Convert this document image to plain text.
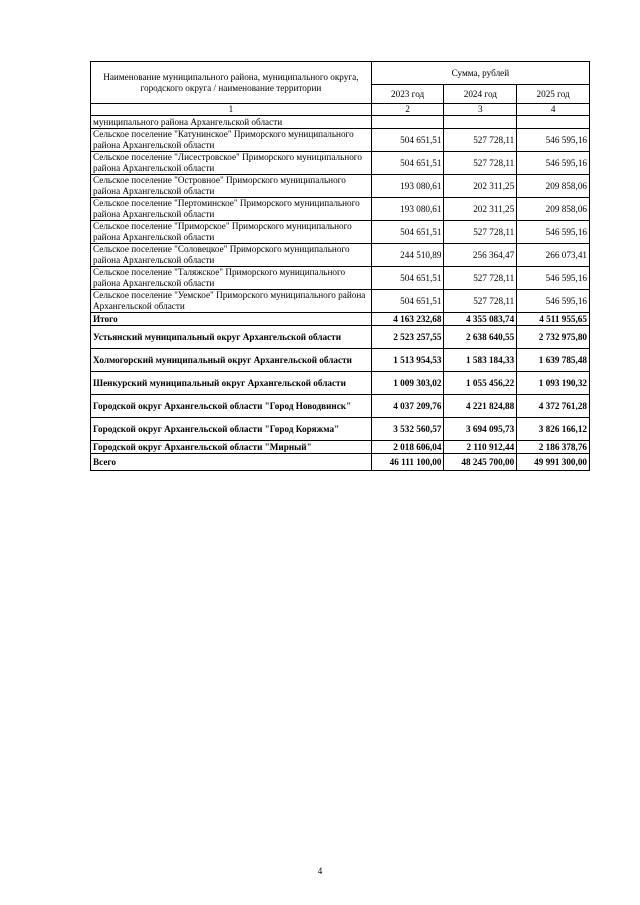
Наименование муниципального района, муниципального округа, городского округа / наименование территории	Сумма, рублей		
	2023 год	2024 год	2025 год
1	2	3	4
муниципального района Архангельской области			
Сельское поселение "Катунинское" Приморского муниципального района Архангельской области	504 651,51	527 728,11	546 595,16
Сельское поселение "Лисестровское" Приморского муниципального района Архангельской области	504 651,51	527 728,11	546 595,16
Сельское поселение "Островное" Приморского муниципального района Архангельской области	193 080,61	202 311,25	209 858,06
Сельское поселение "Пертоминское" Приморского муниципального района Архангельской области	193 080,61	202 311,25	209 858,06
Сельское поселение "Приморское" Приморского муниципального района Архангельской области	504 651,51	527 728,11	546 595,16
Сельское поселение "Соловецкое" Приморского муниципального района Архангельской области	244 510,89	256 364,47	266 073,41
Сельское поселение "Таляжское" Приморского муниципального района Архангельской области	504 651,51	527 728,11	546 595,16
Сельское поселение "Уемское" Приморского муниципального района Архангельской области	504 651,51	527 728,11	546 595,16
Итого	4 163 232,68	4 355 083,74	4 511 955,65
Устьянский муниципальный округ Архангельской области	2 523 257,55	2 638 640,55	2 732 975,80
Холмогорский муниципальный округ Архангельской области	1 513 954,53	1 583 184,33	1 639 785,48
Шенкурский муниципальный округ Архангельской области	1 009 303,02	1 055 456,22	1 093 190,32
Городской округ Архангельской области "Город Новодвинск"	4 037 209,76	4 221 824,88	4 372 761,28
Городской округ Архангельской области "Город Коряжма"	3 532 560,57	3 694 095,73	3 826 166,12
Городской округ Архангельской области "Мирный"	2 018 606,04	2 110 912,44	2 186 378,76
Всего	46 111 100,00	48 245 700,00	49 991 300,00
4
